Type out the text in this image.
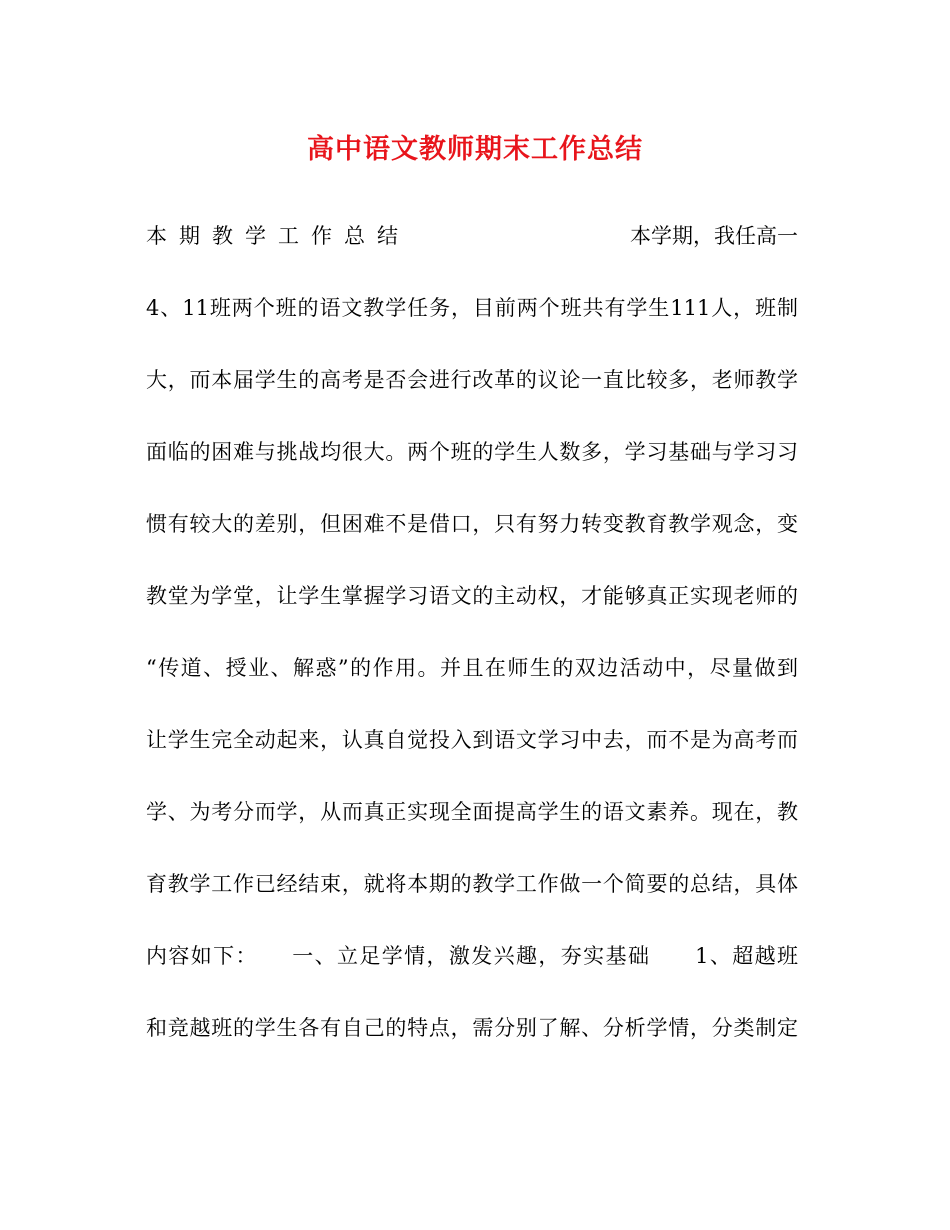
高中语文教师期末工作总结
本期教学工作总结	本学期，我任高一
4、11班两个班的语文教学任务，目前两个班共有学生111人，班制
大，而本届学生的高考是否会进行改革的议论一直比较多，老师教学
面临的困难与挑战均很大。两个班的学生人数多，学习基础与学习习
惯有较大的差别，但困难不是借口，只有努力转变教育教学观念，变
教堂为学堂，让学生掌握学习语文的主动权，才能够真正实现老师的
“传道、授业、解惑”的作用。并且在师生的双边活动中，尽量做到
让学生完全动起来，认真自觉投入到语文学习中去，而不是为高考而
学、为考分而学，从而真正实现全面提高学生的语文素养。现在，教
育教学工作已经结束，就将本期的教学工作做一个简要的总结，具体
内容如下：　　一、立足学情，激发兴趣，夯实基础　　1、超越班
和竞越班的学生各有自己的特点，需分别了解、分析学情，分类制定
